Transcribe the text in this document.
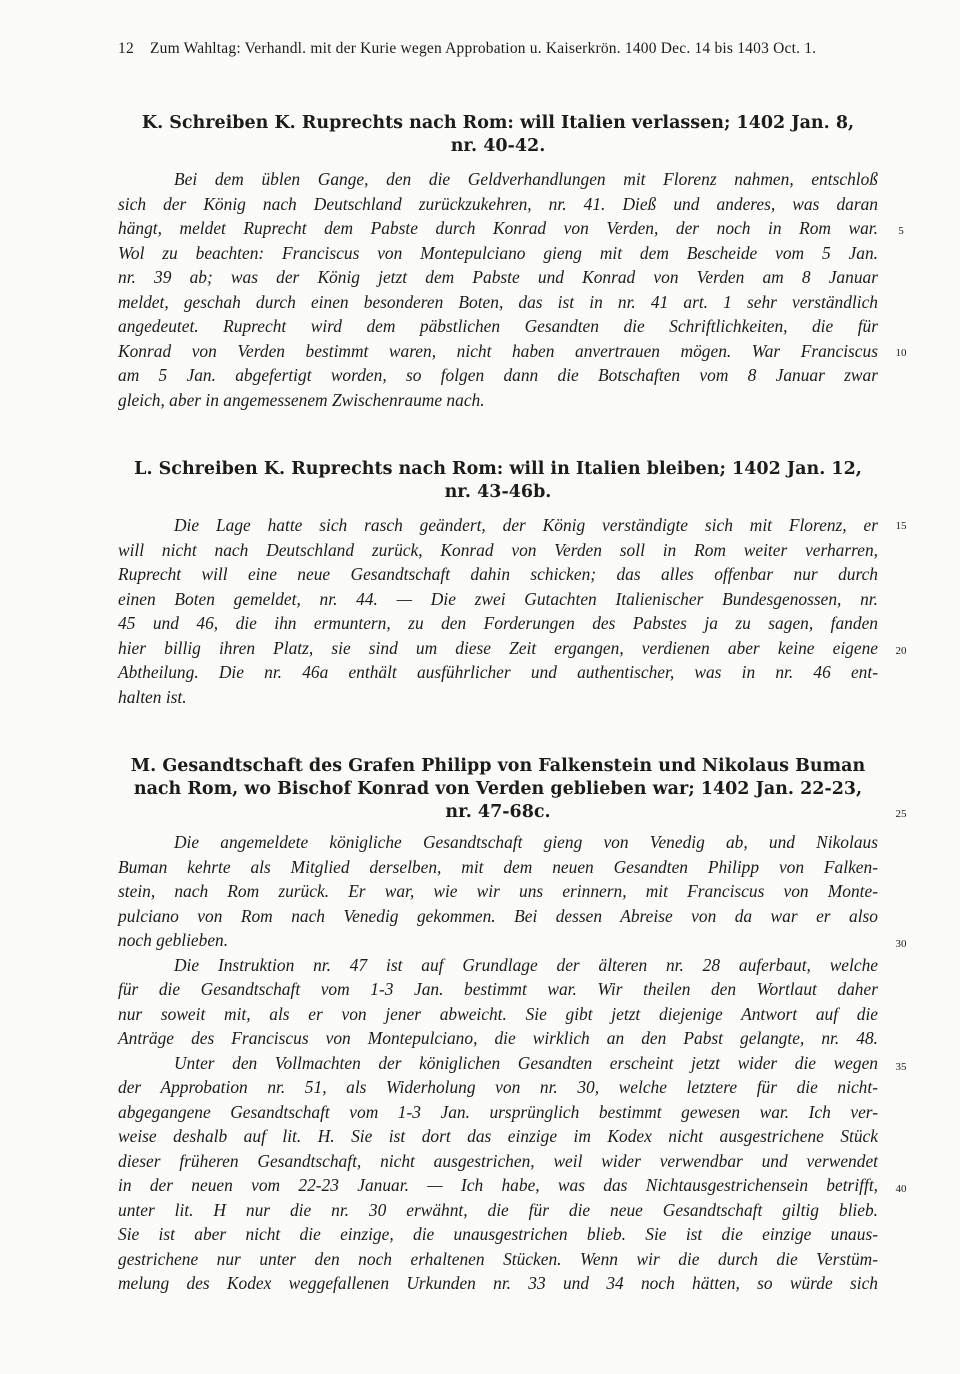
12 Zum Wahltag: Verhandl. mit der Kurie wegen Approbation u. Kaiserkrön. 1400 Dec. 14 bis 1403 Oct. 1.
K. Schreiben K. Ruprechts nach Rom: will Italien verlassen; 1402 Jan. 8,
nr. 40-42.
Bei dem üblen Gange, den die Geldverhandlungen mit Florenz nahmen, entschloß
sich der König nach Deutschland zurückzukehren, nr. 41. Dieß und anderes, was daran
hängt, meldet Ruprecht dem Pabste durch Konrad von Verden, der noch in Rom war.
Wol zu beachten: Franciscus von Montepulciano gieng mit dem Bescheide vom 5 Jan.
nr. 39 ab; was der König jetzt dem Pabste und Konrad von Verden am 8 Januar
meldet, geschah durch einen besonderen Boten, das ist in nr. 41 art. 1 sehr verständlich
angedeutet. Ruprecht wird dem päbstlichen Gesandten die Schriftlichkeiten, die für
Konrad von Verden bestimmt waren, nicht haben anvertrauen mögen. War Franciscus
am 5 Jan. abgefertigt worden, so folgen dann die Botschaften vom 8 Januar zwar
gleich, aber in angemessenem Zwischenraume nach.
L. Schreiben K. Ruprechts nach Rom: will in Italien bleiben; 1402 Jan. 12,
nr. 43-46b.
Die Lage hatte sich rasch geändert, der König verständigte sich mit Florenz, er
will nicht nach Deutschland zurück, Konrad von Verden soll in Rom weiter verharren,
Ruprecht will eine neue Gesandtschaft dahin schicken; das alles offenbar nur durch
einen Boten gemeldet, nr. 44. — Die zwei Gutachten Italienischer Bundesgenossen, nr.
45 und 46, die ihn ermuntern, zu den Forderungen des Pabstes ja zu sagen, fanden
hier billig ihren Platz, sie sind um diese Zeit ergangen, verdienen aber keine eigene
Abtheilung. Die nr. 46a enthält ausführlicher und authentischer, was in nr. 46 ent-
halten ist.
M. Gesandtschaft des Grafen Philipp von Falkenstein und Nikolaus Buman
nach Rom, wo Bischof Konrad von Verden geblieben war; 1402 Jan. 22-23,
nr. 47-68c.
Die angemeldete königliche Gesandtschaft gieng von Venedig ab, und Nikolaus
Buman kehrte als Mitglied derselben, mit dem neuen Gesandten Philipp von Falken-
stein, nach Rom zurück. Er war, wie wir uns erinnern, mit Franciscus von Monte-
pulciano von Rom nach Venedig gekommen. Bei dessen Abreise von da war er also
noch geblieben.
Die Instruktion nr. 47 ist auf Grundlage der älteren nr. 28 auferbaut, welche
für die Gesandtschaft vom 1-3 Jan. bestimmt war. Wir theilen den Wortlaut daher
nur soweit mit, als er von jener abweicht. Sie gibt jetzt diejenige Antwort auf die
Anträge des Franciscus von Montepulciano, die wirklich an den Pabst gelangte, nr. 48.
Unter den Vollmachten der königlichen Gesandten erscheint jetzt wider die wegen
der Approbation nr. 51, als Widerholung von nr. 30, welche letztere für die nicht-
abgegangene Gesandtschaft vom 1-3 Jan. ursprünglich bestimmt gewesen war. Ich ver-
weise deshalb auf lit. H. Sie ist dort das einzige im Kodex nicht ausgestrichene Stück
dieser früheren Gesandtschaft, nicht ausgestrichen, weil wider verwendbar und verwendet
in der neuen vom 22-23 Januar. — Ich habe, was das Nichtausgestrichensein betrifft,
unter lit. H nur die nr. 30 erwähnt, die für die neue Gesandtschaft giltig blieb.
Sie ist aber nicht die einzige, die unausgestrichen blieb. Sie ist die einzige unaus-
gestrichene nur unter den noch erhaltenen Stücken. Wenn wir die durch die Verstüm-
melung des Kodex weggefallenen Urkunden nr. 33 und 34 noch hätten, so würde sich
5
10
15
20
25
30
35
40
